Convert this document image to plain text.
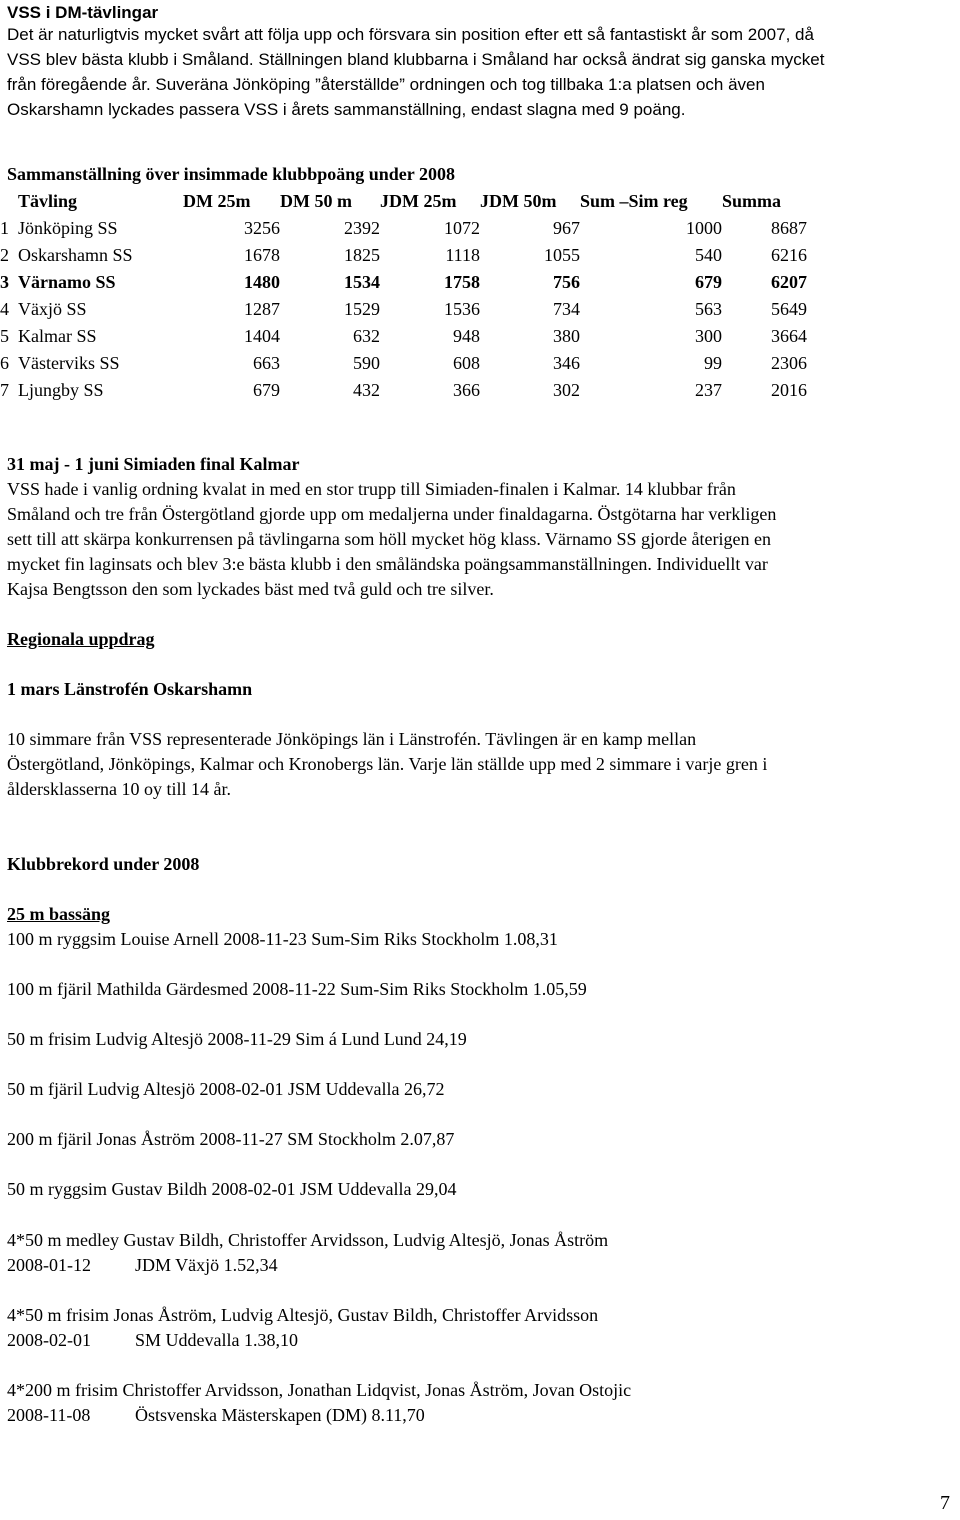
VSS i DM-tävlingar
Det är naturligtvis mycket svårt att följa upp och försvara sin position efter ett så fantastiskt år som 2007, då
VSS blev bästa klubb i Småland. Ställningen bland klubbarna i Småland har också ändrat sig ganska mycket
från föregående år. Suveräna Jönköping ”återställde” ordningen och tog tillbaka 1:a platsen och även
Oskarshamn lyckades passera VSS i årets sammanställning, endast slagna med 9 poäng.
Sammanställning över insimmade klubbpoäng under 2008
	Tävling	DM 25m	DM 50 m	JDM 25m	JDM 50m	Sum –Sim reg	Summa
1	Jönköping SS	3256	2392	1072	967	1000	8687
2	Oskarshamn SS	1678	1825	1118	1055	540	6216
3	Värnamo SS	1480	1534	1758	756	679	6207
4	Växjö SS	1287	1529	1536	734	563	5649
5	Kalmar SS	1404	632	948	380	300	3664
6	Västerviks SS	663	590	608	346	99	2306
7	Ljungby SS	679	432	366	302	237	2016
31 maj - 1 juni Simiaden final Kalmar
VSS hade i vanlig ordning kvalat in med en stor trupp till Simiaden-finalen i Kalmar. 14 klubbar från
Småland och tre från Östergötland gjorde upp om medaljerna under finaldagarna. Östgötarna har verkligen
sett till att skärpa konkurrensen på tävlingarna som höll mycket hög klass. Värnamo SS gjorde återigen en
mycket fin laginsats och blev 3:e bästa klubb i den småländska poängsammanställningen. Individuellt var
Kajsa Bengtsson den som lyckades bäst med två guld och tre silver.
Regionala uppdrag
1 mars Länstrofén Oskarshamn
10 simmare från VSS representerade Jönköpings län i Länstrofén. Tävlingen är en kamp mellan
Östergötland, Jönköpings, Kalmar och Kronobergs län. Varje län ställde upp med 2 simmare i varje gren i
åldersklasserna 10 oy till 14 år.
Klubbrekord under 2008
25 m bassäng
100 m ryggsim Louise Arnell 2008-11-23 Sum-Sim Riks Stockholm 1.08,31
100 m fjäril Mathilda Gärdesmed 2008-11-22 Sum-Sim Riks Stockholm 1.05,59
50 m frisim Ludvig Altesjö 2008-11-29 Sim á Lund Lund 24,19
50 m fjäril Ludvig Altesjö 2008-02-01 JSM Uddevalla 26,72
200 m fjäril Jonas Åström 2008-11-27 SM Stockholm 2.07,87
50 m ryggsim Gustav Bildh 2008-02-01 JSM Uddevalla 29,04
4*50 m medley Gustav Bildh, Christoffer Arvidsson, Ludvig Altesjö, Jonas Åström
2008-01-12 JDM Växjö 1.52,34
4*50 m frisim Jonas Åström, Ludvig Altesjö, Gustav Bildh, Christoffer Arvidsson
2008-02-01 SM Uddevalla 1.38,10
4*200 m frisim Christoffer Arvidsson, Jonathan Lidqvist, Jonas Åström, Jovan Ostojic
2008-11-08 Östsvenska Mästerskapen (DM) 8.11,70
7
